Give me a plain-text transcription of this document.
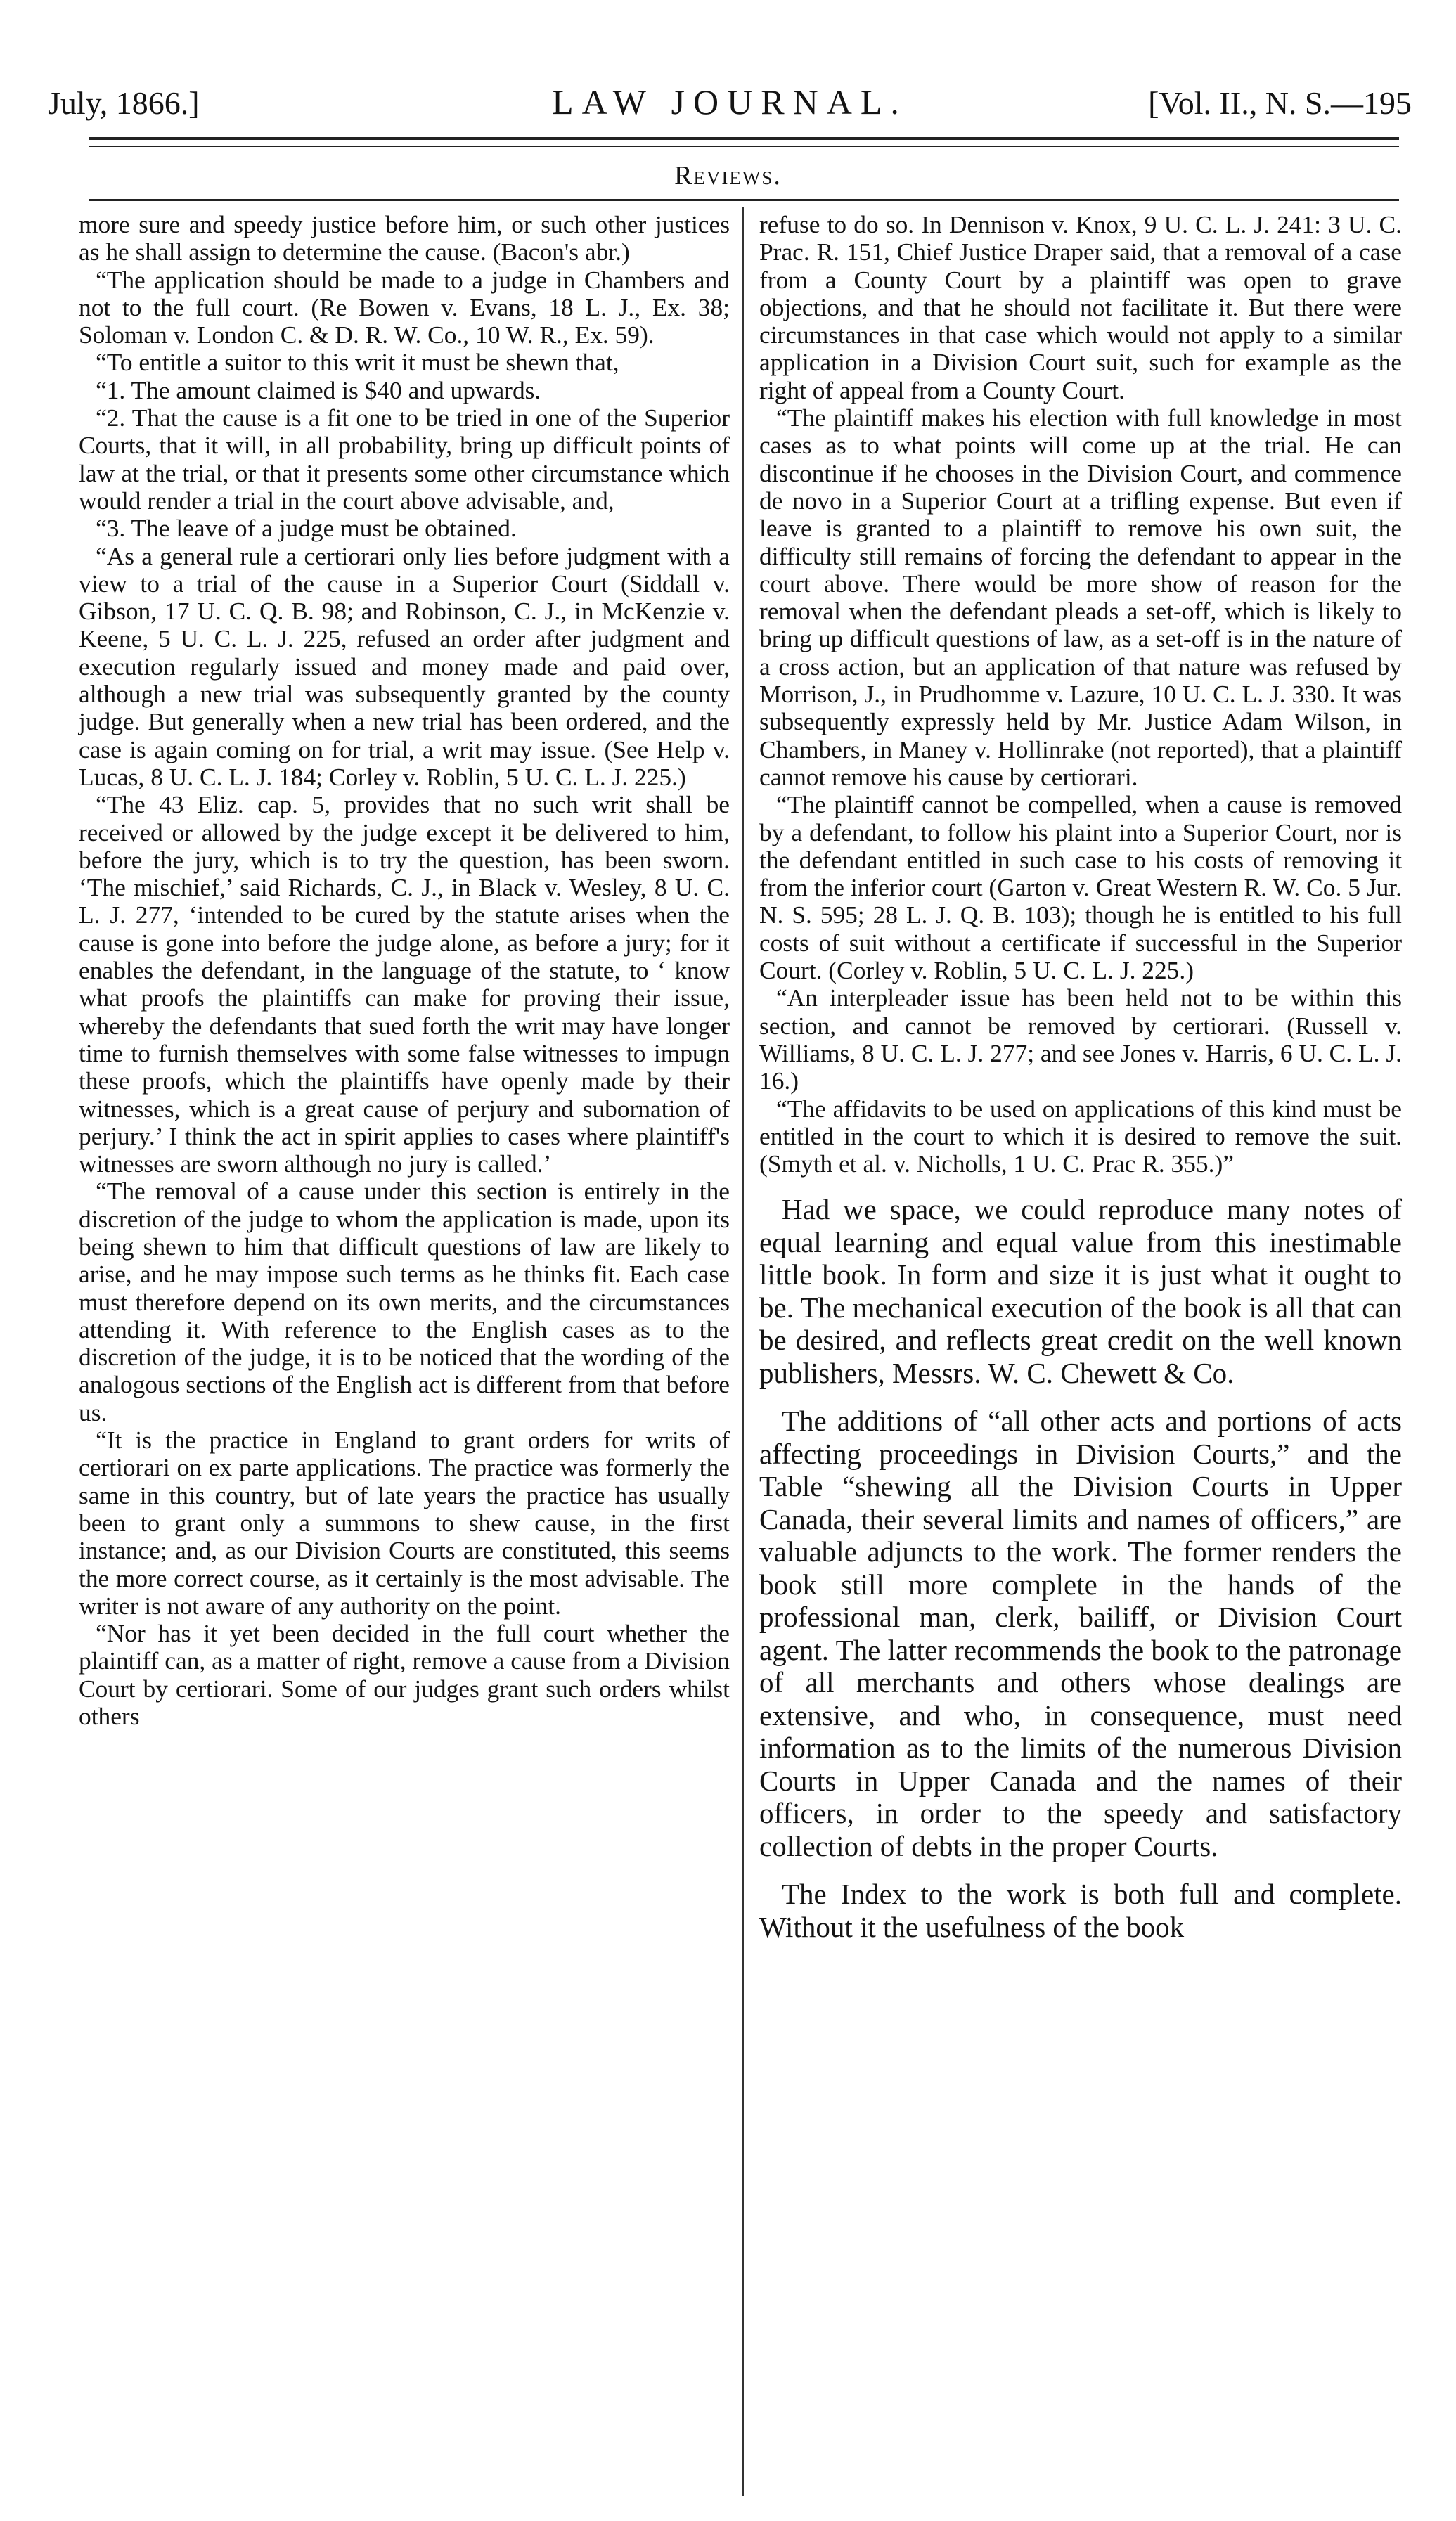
July, 1866.]	LAW JOURNAL.	[Vol. II., N. S.—195
Reviews.

more sure and speedy justice before him, or such other justices as he shall assign to determine the cause. (Bacon's abr.)

“The application should be made to a judge in Chambers and not to the full court. (Re Bowen v. Evans, 18 L. J., Ex. 38; Soloman v. London C. & D. R. W. Co., 10 W. R., Ex. 59).

“To entitle a suitor to this writ it must be shewn that,

“1. The amount claimed is $40 and upwards.

“2. That the cause is a fit one to be tried in one of the Superior Courts, that it will, in all probability, bring up difficult points of law at the trial, or that it presents some other circumstance which would render a trial in the court above advisable, and,

“3. The leave of a judge must be obtained.

“As a general rule a certiorari only lies before judgment with a view to a trial of the cause in a Superior Court (Siddall v. Gibson, 17 U. C. Q. B. 98; and Robinson, C. J., in McKenzie v. Keene, 5 U. C. L. J. 225, refused an order after judgment and execution regularly issued and money made and paid over, although a new trial was subsequently granted by the county judge. But generally when a new trial has been ordered, and the case is again coming on for trial, a writ may issue. (See Help v. Lucas, 8 U. C. L. J. 184; Corley v. Roblin, 5 U. C. L. J. 225.)

“The 43 Eliz. cap. 5, provides that no such writ shall be received or allowed by the judge except it be delivered to him, before the jury, which is to try the question, has been sworn. ‘The mischief,’ said Richards, C. J., in Black v. Wesley, 8 U. C. L. J. 277, ‘intended to be cured by the statute arises when the cause is gone into before the judge alone, as before a jury; for it enables the defendant, in the language of the statute, to ‘ know what proofs the plaintiffs can make for proving their issue, whereby the defendants that sued forth the writ may have longer time to furnish themselves with some false witnesses to impugn these proofs, which the plaintiffs have openly made by their witnesses, which is a great cause of perjury and subornation of perjury.’ I think the act in spirit applies to cases where plaintiff's witnesses are sworn although no jury is called.’

“The removal of a cause under this section is entirely in the discretion of the judge to whom the application is made, upon its being shewn to him that difficult questions of law are likely to arise, and he may impose such terms as he thinks fit. Each case must therefore depend on its own merits, and the circumstances attending it. With reference to the English cases as to the discretion of the judge, it is to be noticed that the wording of the analogous sections of the English act is different from that before us.

“It is the practice in England to grant orders for writs of certiorari on ex parte applications. The practice was formerly the same in this country, but of late years the practice has usually been to grant only a summons to shew cause, in the first instance; and, as our Division Courts are constituted, this seems the more correct course, as it certainly is the most advisable. The writer is not aware of any authority on the point.

“Nor has it yet been decided in the full court whether the plaintiff can, as a matter of right, remove a cause from a Division Court by certiorari. Some of our judges grant such orders whilst others

refuse to do so. In Dennison v. Knox, 9 U. C. L. J. 241: 3 U. C. Prac. R. 151, Chief Justice Draper said, that a removal of a case from a County Court by a plaintiff was open to grave objections, and that he should not facilitate it. But there were circumstances in that case which would not apply to a similar application in a Division Court suit, such for example as the right of appeal from a County Court.

“The plaintiff makes his election with full knowledge in most cases as to what points will come up at the trial. He can discontinue if he chooses in the Division Court, and commence de novo in a Superior Court at a trifling expense. But even if leave is granted to a plaintiff to remove his own suit, the difficulty still remains of forcing the defendant to appear in the court above. There would be more show of reason for the removal when the defendant pleads a set-off, which is likely to bring up difficult questions of law, as a set-off is in the nature of a cross action, but an application of that nature was refused by Morrison, J., in Prudhomme v. Lazure, 10 U. C. L. J. 330. It was subsequently expressly held by Mr. Justice Adam Wilson, in Chambers, in Maney v. Hollinrake (not reported), that a plaintiff cannot remove his cause by certiorari.

“The plaintiff cannot be compelled, when a cause is removed by a defendant, to follow his plaint into a Superior Court, nor is the defendant entitled in such case to his costs of removing it from the inferior court (Garton v. Great Western R. W. Co. 5 Jur. N. S. 595; 28 L. J. Q. B. 103); though he is entitled to his full costs of suit without a certificate if successful in the Superior Court. (Corley v. Roblin, 5 U. C. L. J. 225.)

“An interpleader issue has been held not to be within this section, and cannot be removed by certiorari. (Russell v. Williams, 8 U. C. L. J. 277; and see Jones v. Harris, 6 U. C. L. J. 16.)

“The affidavits to be used on applications of this kind must be entitled in the court to which it is desired to remove the suit. (Smyth et al. v. Nicholls, 1 U. C. Prac R. 355.)”

Had we space, we could reproduce many notes of equal learning and equal value from this inestimable little book. In form and size it is just what it ought to be. The mechanical execution of the book is all that can be desired, and reflects great credit on the well known publishers, Messrs. W. C. Chewett & Co.

The additions of “all other acts and portions of acts affecting proceedings in Division Courts,” and the Table “shewing all the Division Courts in Upper Canada, their several limits and names of officers,” are valuable adjuncts to the work. The former renders the book still more complete in the hands of the professional man, clerk, bailiff, or Division Court agent. The latter recommends the book to the patronage of all merchants and others whose dealings are extensive, and who, in consequence, must need information as to the limits of the numerous Division Courts in Upper Canada and the names of their officers, in order to the speedy and satisfactory collection of debts in the proper Courts.

The Index to the work is both full and complete. Without it the usefulness of the book
